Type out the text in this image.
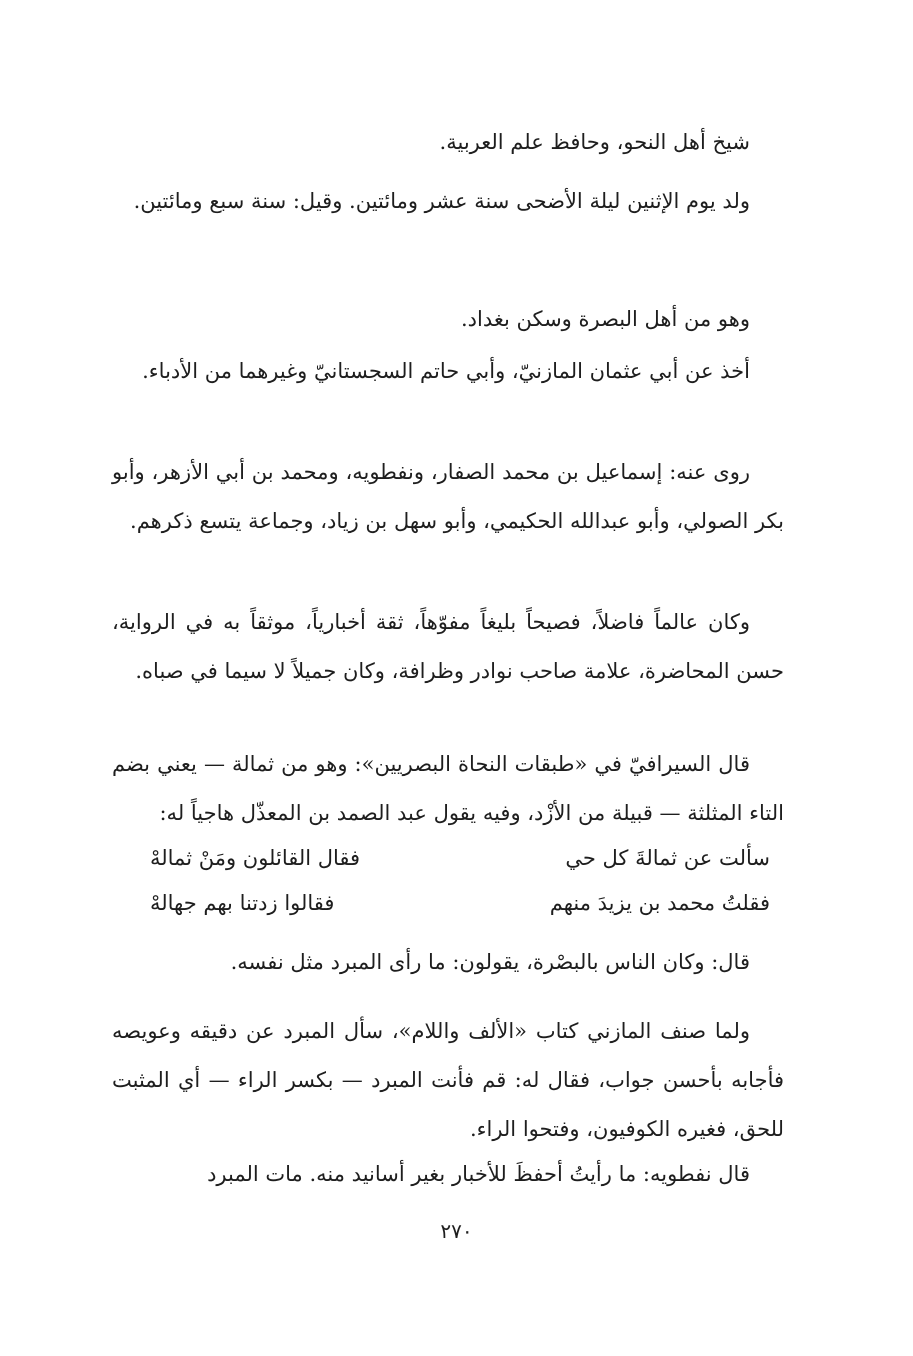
شيخ أهل النحو، وحافظ علم العربية.

ولد يوم الإثنين ليلة الأضحى سنة عشر ومائتين. وقيل: سنة سبع ومائتين.

وهو من أهل البصرة وسكن بغداد.

أخذ عن أبي عثمان المازنيّ، وأبي حاتم السجستانيّ وغيرهما من الأدباء.

روى عنه: إسماعيل بن محمد الصفار، ونفطويه، ومحمد بن أبي الأزهر، وأبو بكر الصولي، وأبو عبدالله الحكيمي، وأبو سهل بن زياد، وجماعة يتسع ذكرهم.

وكان عالماً فاضلاً، فصيحاً بليغاً مفوّهاً، ثقة أخبارياً، موثقاً به في الرواية، حسن المحاضرة، علامة صاحب نوادر وظرافة، وكان جميلاً لا سيما في صباه.

قال السيرافيّ في «طبقات النحاة البصريين»: وهو من ثمالة — يعني بضم التاء المثلثة — قبيلة من الأزْد، وفيه يقول عبد الصمد بن المعذّل هاجياً له:

سألت عن ثمالةَ كل حي
فقال القائلون ومَنْ ثمالهْ
فقلتُ محمد بن يزيدَ منهم
فقالوا زدتنا بهم جهالهْ

قال: وكان الناس بالبصْرة، يقولون: ما رأى المبرد مثل نفسه.

ولما صنف المازني كتاب «الألف واللام»، سأل المبرد عن دقيقه وعويصه فأجابه بأحسن جواب، فقال له: قم فأنت المبرد — بكسر الراء — أي المثبت للحق، فغيره الكوفيون، وفتحوا الراء.

قال نفطويه: ما رأيتُ أحفظَ للأخبار بغير أسانيد منه. مات المبرد

٢٧٠
